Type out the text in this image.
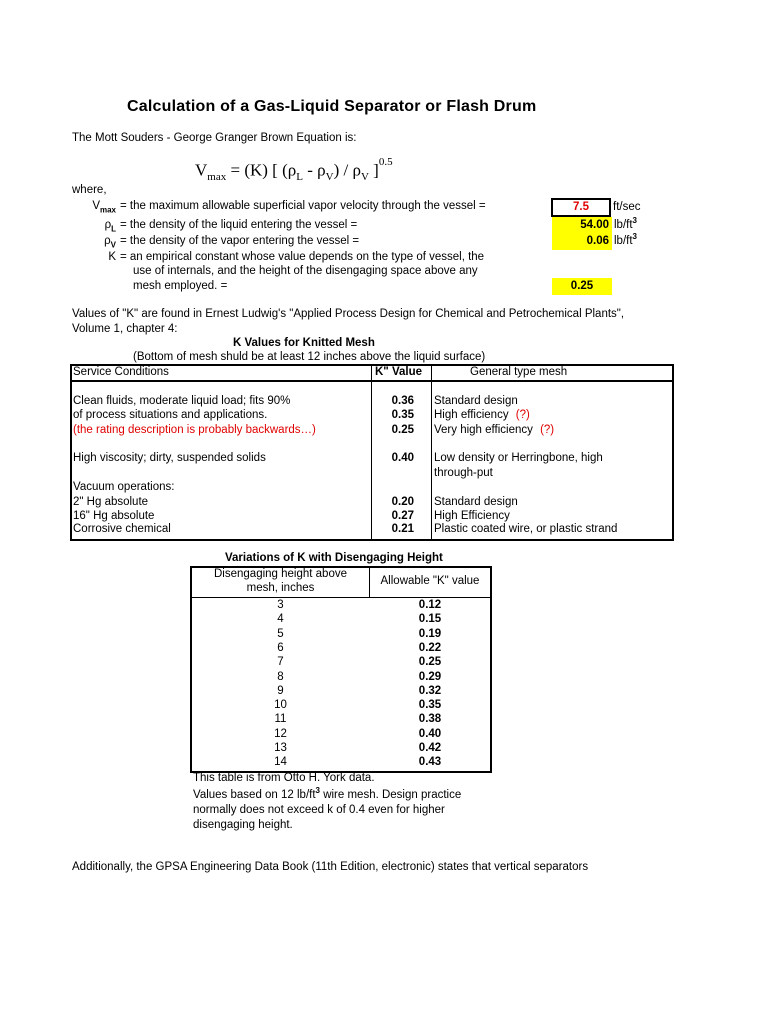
Calculation of a Gas-Liquid Separator or Flash Drum
The Mott Souders - George Granger Brown Equation is:
$V_{max} = (K)$ [ $(\rho_L - \rho_V) / \rho_V$ ]$^{0.5}$
where,
$V_{max}$ = the maximum allowable superficial vapor velocity through the vessel =	7.5	ft/sec
$\rho_L$ = the density of the liquid entering the vessel =	54.00 $lb/ft^3$
$\rho_V$ = the density of the vapor entering the vessel =	0.06 $lb/ft^3$
K = an empirical constant whose value depends on the type of vessel, the
use of internals, and the height of the disengaging space above any
mesh employed. =	0.25
Values of "K" are found in Ernest Ludwig's "Applied Process Design for Chemical and Petrochemical Plants",
Volume 1, chapter 4:
K Values for Knitted Mesh
(Bottom of mesh shuld be at least 12 inches above the liquid surface)
Service Conditions	K" Value	General type mesh
Clean fluids, moderate liquid load; fits 90%	0.36 Standard design
of process situations and applications.	0.35 High efficiency (?)
(the rating description is probably backwards…)	0.25 Very high efficiency (?)
High viscosity; dirty, suspended solids	0.40 Low density or Herringbone, high
through-put
Vacuum operations:
2" Hg absolute	0.20 Standard design
16" Hg absolute	0.27 High Efficiency
Corrosive chemical	0.21 Plastic coated wire, or plastic strand
Variations of K with Disengaging Height
Disengaging height above
mesh, inches
Allowable "K" value
3	0.12
4	0.15
5	0.19
6	0.22
7	0.25
8	0.29
9	0.32
10	0.35
11	0.38
12	0.40
13	0.42
14	0.43
This table is from Otto H. York data.
Values based on 12 $lb/ft^3$ wire mesh. Design practice
normally does not exceed k of 0.4 even for higher
disengaging height.
Additionally, the GPSA Engineering Data Book (11th Edition, electronic) states that vertical separators
